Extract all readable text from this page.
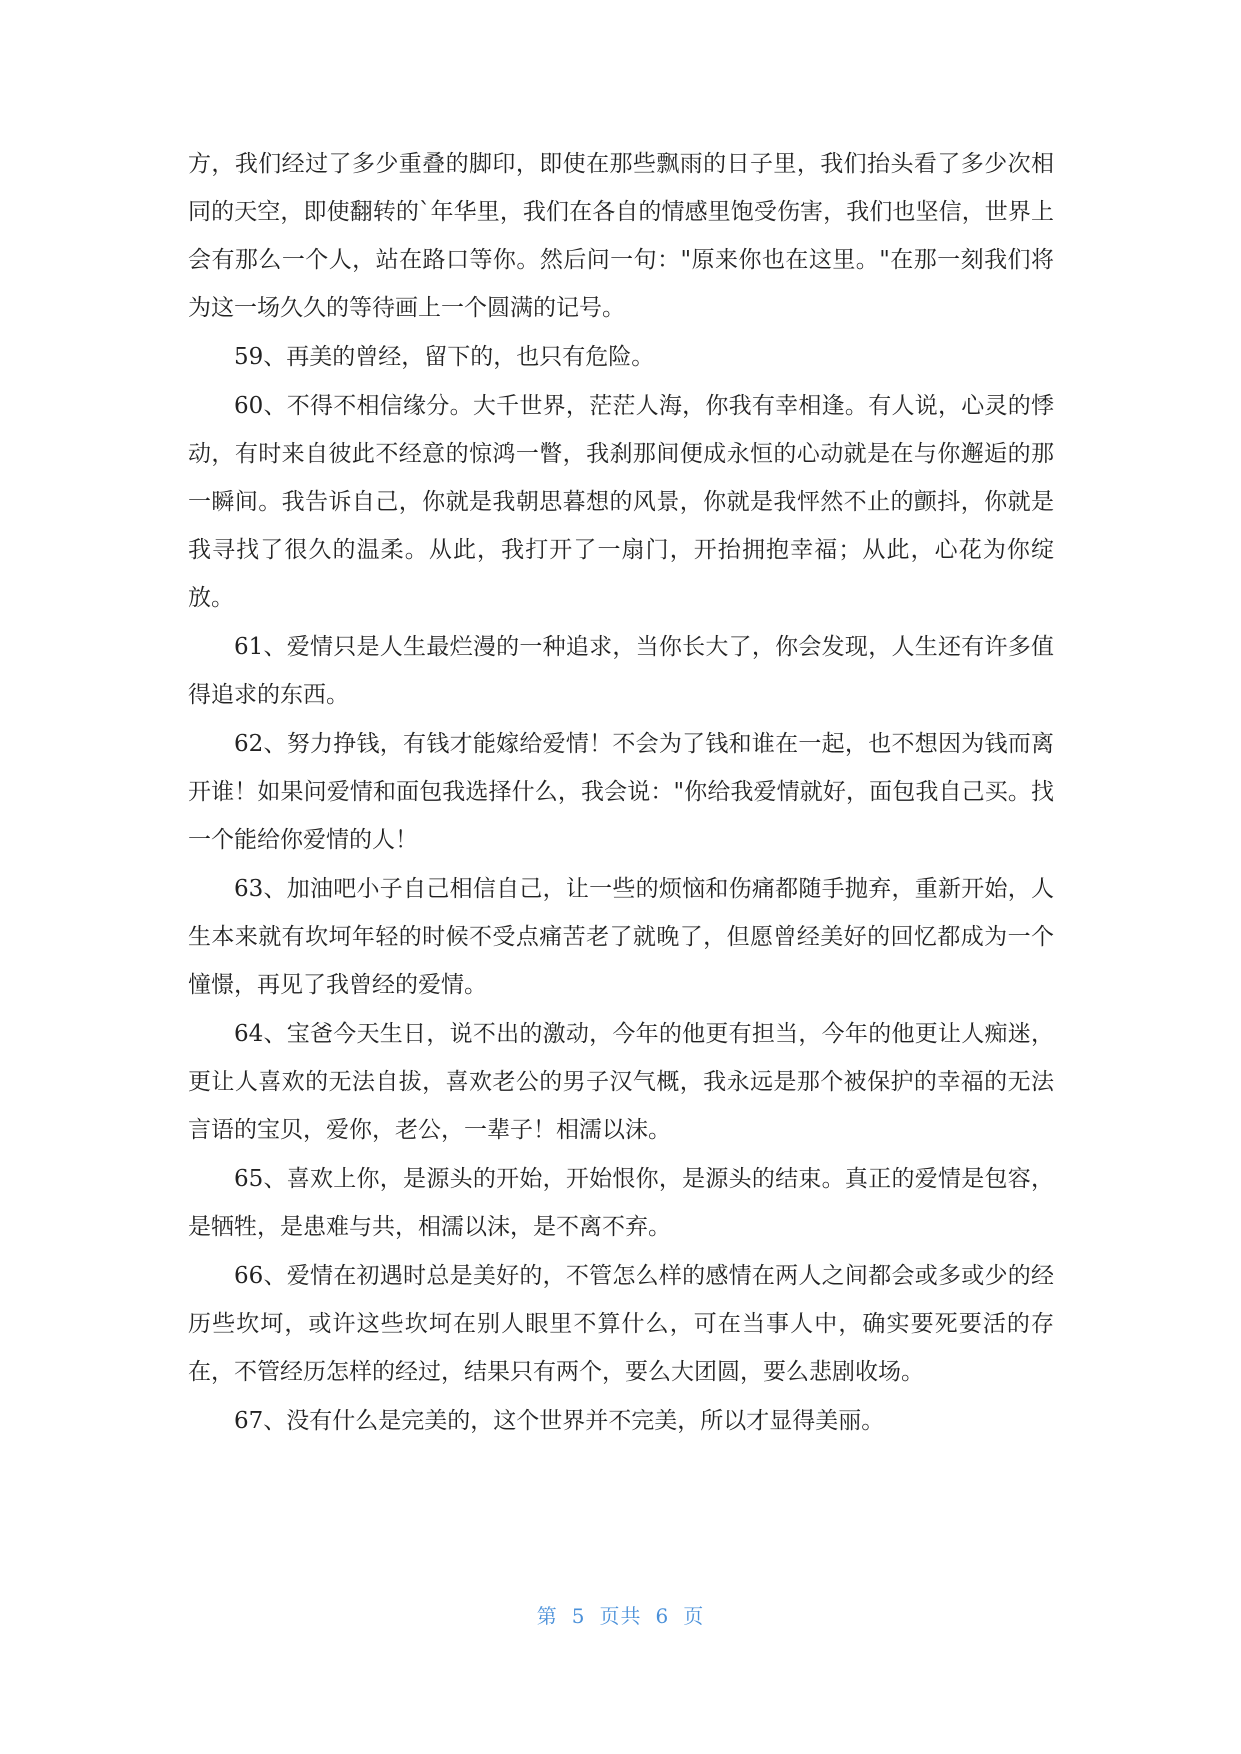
方，我们经过了多少重叠的脚印，即使在那些飘雨的日子里，我们抬头看了多少次相同的天空，即使翻转的`年华里，我们在各自的情感里饱受伤害，我们也坚信，世界上会有那么一个人，站在路口等你。然后问一句："原来你也在这里。"在那一刻我们将为这一场久久的等待画上一个圆满的记号。

59、再美的曾经，留下的，也只有危险。

60、不得不相信缘分。大千世界，茫茫人海，你我有幸相逢。有人说，心灵的悸动，有时来自彼此不经意的惊鸿一瞥，我刹那间便成永恒的心动就是在与你邂逅的那一瞬间。我告诉自己，你就是我朝思暮想的风景，你就是我怦然不止的颤抖，你就是我寻找了很久的温柔。从此，我打开了一扇门，开抬拥抱幸福；从此，心花为你绽放。

61、爱情只是人生最烂漫的一种追求，当你长大了，你会发现，人生还有许多值得追求的东西。

62、努力挣钱，有钱才能嫁给爱情！不会为了钱和谁在一起，也不想因为钱而离开谁！如果问爱情和面包我选择什么，我会说："你给我爱情就好，面包我自己买。找一个能给你爱情的人！

63、加油吧小子自己相信自己，让一些的烦恼和伤痛都随手抛弃，重新开始，人生本来就有坎坷年轻的时候不受点痛苦老了就晚了，但愿曾经美好的回忆都成为一个憧憬，再见了我曾经的爱情。

64、宝爸今天生日，说不出的激动，今年的他更有担当，今年的他更让人痴迷，更让人喜欢的无法自拔，喜欢老公的男子汉气概，我永远是那个被保护的幸福的无法言语的宝贝，爱你，老公，一辈子！相濡以沫。

65、喜欢上你，是源头的开始，开始恨你，是源头的结束。真正的爱情是包容，是牺牲，是患难与共，相濡以沫，是不离不弃。

66、爱情在初遇时总是美好的，不管怎么样的感情在两人之间都会或多或少的经历些坎坷，或许这些坎坷在别人眼里不算什么，可在当事人中，确实要死要活的存在，不管经历怎样的经过，结果只有两个，要么大团圆，要么悲剧收场。

67、没有什么是完美的，这个世界并不完美，所以才显得美丽。

第 5 页共 6 页
